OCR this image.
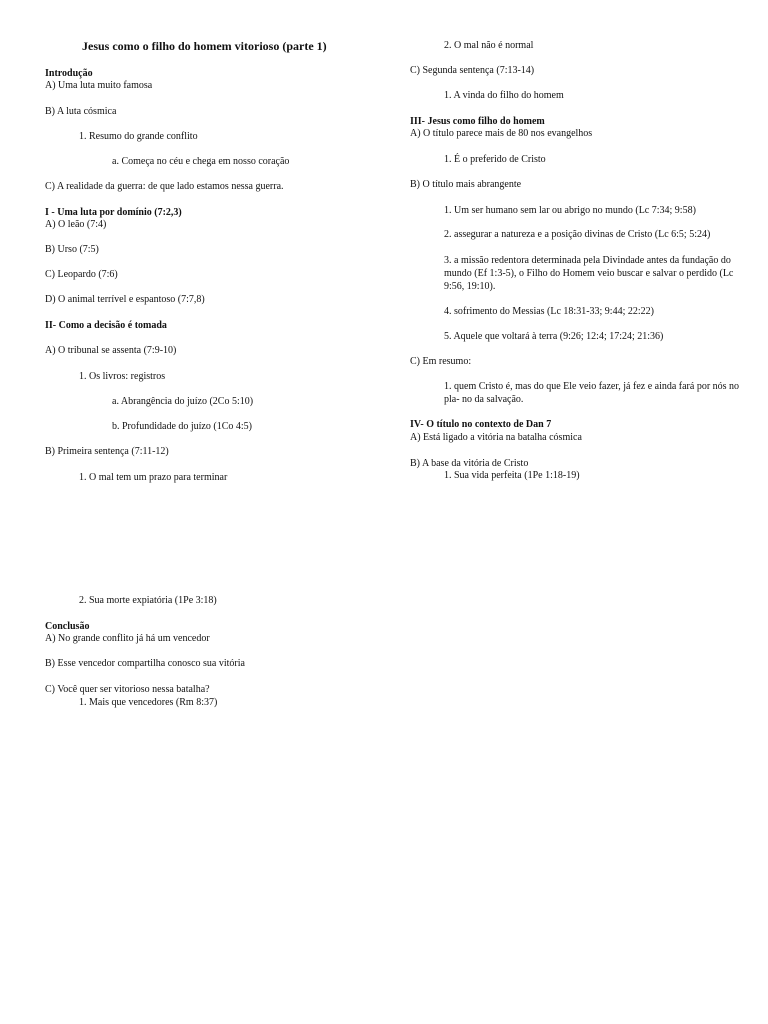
Jesus como o filho do homem vitorioso (parte 1)
Introdução
A) Uma luta muito famosa
B) A luta cósmica
1. Resumo do grande conflito
a. Começa no céu e chega em nosso coração
C) A realidade da guerra: de que lado estamos nessa guerra.
I - Uma luta por domínio (7:2,3)
A) O leão (7:4)
B) Urso (7:5)
C) Leopardo (7:6)
D) O animal terrível e espantoso (7:7,8)
II- Como a decisão é tomada
A) O tribunal se assenta (7:9-10)
1. Os livros: registros
a. Abrangência do juízo (2Co 5:10)
b. Profundidade do juízo (1Co 4:5)
B) Primeira sentença (7:11-12)
1. O mal tem um prazo para terminar
2. Sua morte expiatória (1Pe 3:18)
Conclusão
A) No grande conflito já há um vencedor
B) Esse vencedor compartilha conosco sua vitória
C) Você quer ser vitorioso nessa batalha?
1. Mais que vencedores (Rm 8:37)
2. O mal não é normal
C) Segunda sentença (7:13-14)
1. A vinda do filho do homem
III- Jesus como filho do homem
A) O título parece mais de 80 nos evangelhos
1. É o preferido de Cristo
B) O título mais abrangente
1. Um ser humano sem lar ou abrigo no mundo (Lc 7:34; 9:58)
2. assegurar a natureza e a posição divinas de Cristo (Lc 6:5; 5:24)
3. a missão redentora determinada pela Divindade antes da fundação do mundo (Ef 1:3-5), o Filho do Homem veio buscar e salvar o perdido (Lc 9:56, 19:10).
4. sofrimento do Messias (Lc 18:31-33; 9:44; 22:22)
5. Aquele que voltará à terra (9:26; 12:4; 17:24; 21:36)
C) Em resumo:
1. quem Cristo é, mas do que Ele veio fazer, já fez e ainda fará por nós no pla- no da salvação.
IV- O título no contexto de Dan 7
A) Está ligado a vitória na batalha cósmica
B) A base da vitória de Cristo
1. Sua vida perfeita (1Pe 1:18-19)
